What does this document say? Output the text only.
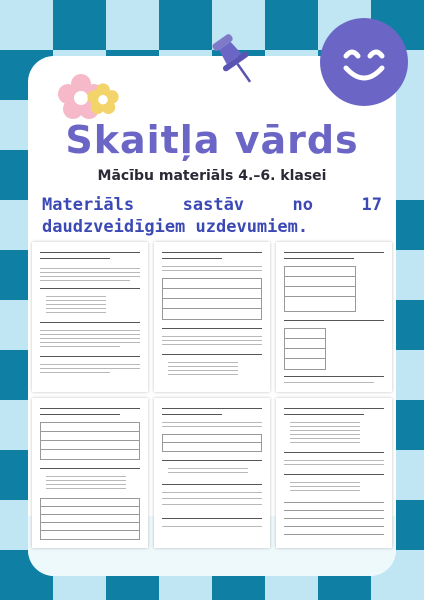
Skaitļa vārds
Mācību materiāls 4.–6. klasei
Materiāls sastāv no 17 daudzveidīgiem uzdevumiem.
